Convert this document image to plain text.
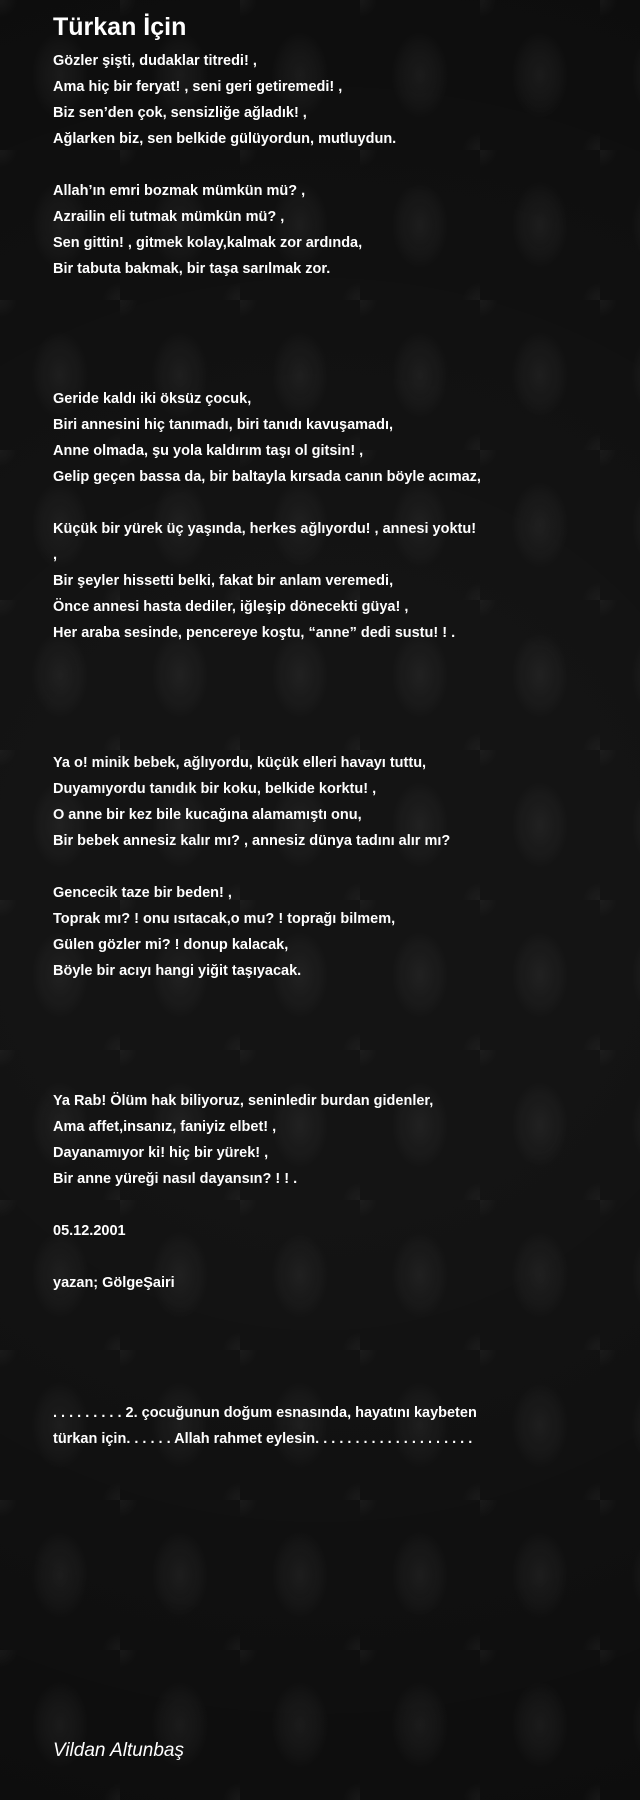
Türkan İçin
Gözler şişti, dudaklar titredi! ,
Ama hiç bir feryat! , seni geri getiremedi! ,
Biz sen’den çok, sensizliğe ağladık! ,
Ağlarken biz, sen belkide gülüyordun, mutluydun.
Allah’ın emri bozmak mümkün mü? ,
Azrailin eli tutmak mümkün mü? ,
Sen gittin! , gitmek kolay,kalmak zor ardında,
Bir tabuta bakmak, bir taşa sarılmak zor.
Geride kaldı iki öksüz çocuk,
Biri annesini hiç tanımadı, biri tanıdı kavuşamadı,
Anne olmada, şu yola kaldırım taşı ol gitsin! ,
Gelip geçen bassa da, bir baltayla kırsada canın böyle acımaz,
Küçük bir yürek üç yaşında, herkes ağlıyordu! , annesi yoktu!
,
Bir şeyler hissetti belki, fakat bir anlam veremedi,
Önce annesi hasta dediler, iğleşip dönecekti güya! ,
Her araba sesinde, pencereye koştu, “anne” dedi sustu! ! .
Ya o! minik bebek, ağlıyordu, küçük elleri havayı tuttu,
Duyamıyordu tanıdık bir koku, belkide korktu! ,
O anne bir kez bile kucağına alamamıştı onu,
Bir bebek annesiz kalır mı? , annesiz dünya tadını alır mı?
Gencecik taze bir beden! ,
Toprak mı? ! onu ısıtacak,o mu? ! toprağı bilmem,
Gülen gözler mi? ! donup kalacak,
Böyle bir acıyı hangi yiğit taşıyacak.
Ya Rab! Ölüm hak biliyoruz, seninledir burdan gidenler,
Ama affet,insanız, faniyiz elbet! ,
Dayanamıyor ki! hiç bir yürek! ,
Bir anne yüreği nasıl dayansın? ! ! .
05.12.2001
yazan; GölgeŞairi
. . . . . . . . . 2. çocuğunun doğum esnasında, hayatını kaybeten
türkan için. . . . . . Allah rahmet eylesin. . . . . . . . . . . . . . . . . . . .
Vildan Altunbaş
